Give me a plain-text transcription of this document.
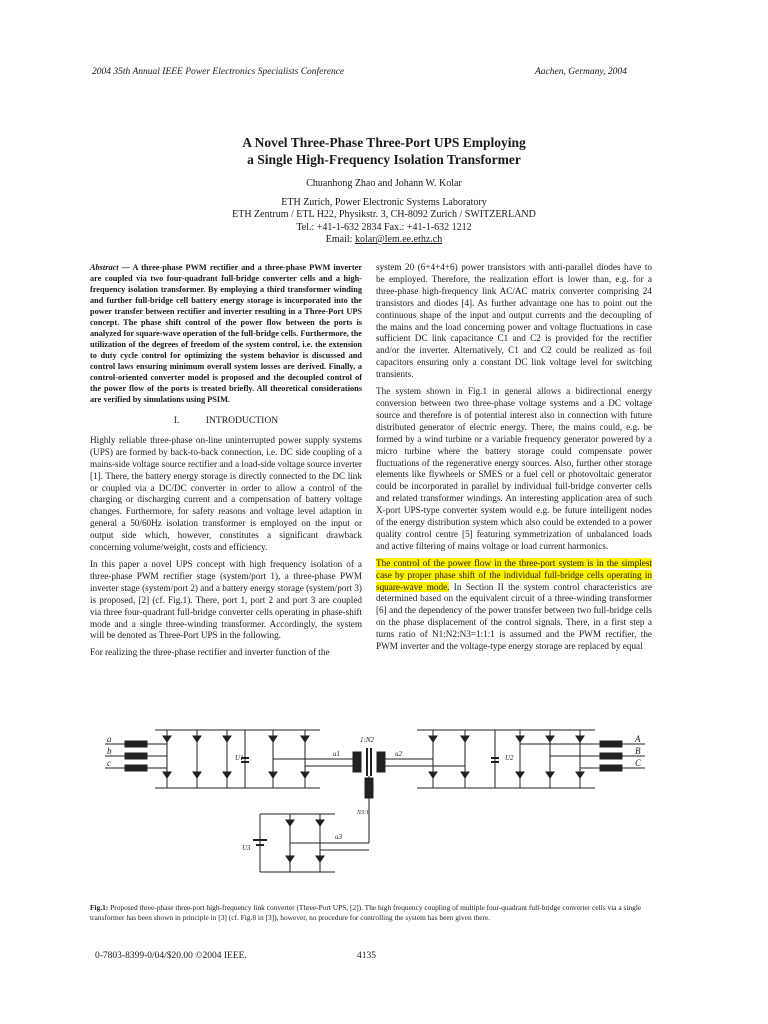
2004 35th Annual IEEE Power Electronics Specialists Conference	Aachen, Germany, 2004
A Novel Three-Phase Three-Port UPS Employing
a Single High-Frequency Isolation Transformer
Chuanhong Zhao and Johann W. Kolar
ETH Zurich, Power Electronic Systems Laboratory
ETH Zentrum / ETL H22, Physikstr. 3, CH-8092 Zurich / SWITZERLAND
Tel.: +41-1-632 2834 Fax.: +41-1-632 1212
Email: kolar@lem.ee.ethz.ch

Abstract — A three-phase PWM rectifier and a three-phase PWM inverter are coupled via two four-quadrant full-bridge converter cells and a high-frequency isolation transformer. By employing a third transformer winding and further full-bridge cell battery energy storage is incorporated into the power transfer between rectifier and inverter resulting in a Three-Port UPS concept. The phase shift control of the power flow between the ports is analyzed for square-wave operation of the full-bridge cells. Furthermore, the utilization of the degrees of freedom of the system control, i.e. the extension to duty cycle control for optimizing the system behavior is discussed and control laws ensuring minimum overall system losses are derived. Finally, a control-oriented converter model is proposed and the decoupled control of the power flow of the ports is treated briefly. All theoretical considerations are verified by simulations using PSIM.

I.	INTRODUCTION

Highly reliable three-phase on-line uninterrupted power supply systems (UPS) are formed by back-to-back connection, i.e. DC side coupling of a mains-side voltage source rectifier and a load-side voltage source inverter [1]. There, the battery energy storage is directly connected to the DC link or coupled via a DC/DC converter in order to allow a control of the charging or discharging current and a compensation of battery voltage changes. Furthermore, for safety reasons and voltage level adaption in general a 50/60Hz isolation transformer is employed on the input or output side which, however, constitutes a significant drawback concerning volume/weight, costs and efficiency.

In this paper a novel UPS concept with high frequency isolation of a three-phase PWM rectifier stage (system/port 1), a three-phase PWM inverter stage (system/port 2) and a battery energy storage (system/port 3) is proposed, [2] (cf. Fig.1). There, port 1, port 2 and port 3 are coupled via three four-quadrant full-bridge converter cells operating in phase-shift mode and a single three-winding transformer. Accordingly, the system will be denoted as Three-Port UPS in the following.

For realizing the three-phase rectifier and inverter function of the

system 20 (6+4+4+6) power transistors with anti-parallel diodes have to be employed. Therefore, the realization effort is lower than, e.g. for a three-phase high-frequency link AC/AC matrix converter comprising 24 transistors and diodes [4]. As further advantage one has to point out the continuous shape of the input and output currents and the decoupling of the mains and the load concerning power and voltage fluctuations in case sufficient DC link capacitance C1 and C2 is provided for the rectifier and/or the inverter. Alternatively, C1 and C2 could be realized as foil capacitors ensuring only a constant DC link voltage level for switching transients.

The system shown in Fig.1 in general allows a bidirectional energy conversion between two three-phase voltage systems and a DC voltage source and therefore is of potential interest also in connection with future distributed generator of electric energy. There, the mains could, e.g. be formed by a wind turbine or a variable frequency generator powered by a micro turbine where the battery storage could compensate power fluctuations of the regenerative energy sources. Also, further other storage elements like flywheels or SMES or a fuel cell or photovoltaic generator could be incorporated in parallel by individual full-bridge converter cells and related transformer windings. An interesting application area of such X-port UPS-type converter system would e.g. be future intelligent nodes of the energy distribution system which also could be extended to a power quality control centre [5] featuring symmetrization of unbalanced loads and active filtering of mains voltage or load current harmonics.

The control of the power flow in the three-port system is in the simplest case by proper phase shift of the individual full-bridge cells operating in square-wave mode. In Section II the system control characteristics are determined based on the equivalent circuit of a three-winding transformer [6] and the dependency of the power transfer between two full-bridge cells on the phase displacement of the control signals. There, in a first step a turns ratio of N1:N2:N3=1:1:1 is assumed and the PWM rectifier, the PWM inverter and the voltage-type energy storage are replaced by equal

a
b
c	U1	u1
1:N2
N3:1
u2	U2
A
B
C
U3
u3
Fig.1: Proposed three-phase three-port high-frequency link converter (Three-Port UPS, [2]). The high frequency coupling of multiple four-quadrant full-bridge converter cells via a single transformer has been shown in principle in [3] (cf. Fig.8 in [3]), however, no procedure for controlling the system has been given there.
0-7803-8399-0/04/$20.00 ©2004 IEEE.	4135
